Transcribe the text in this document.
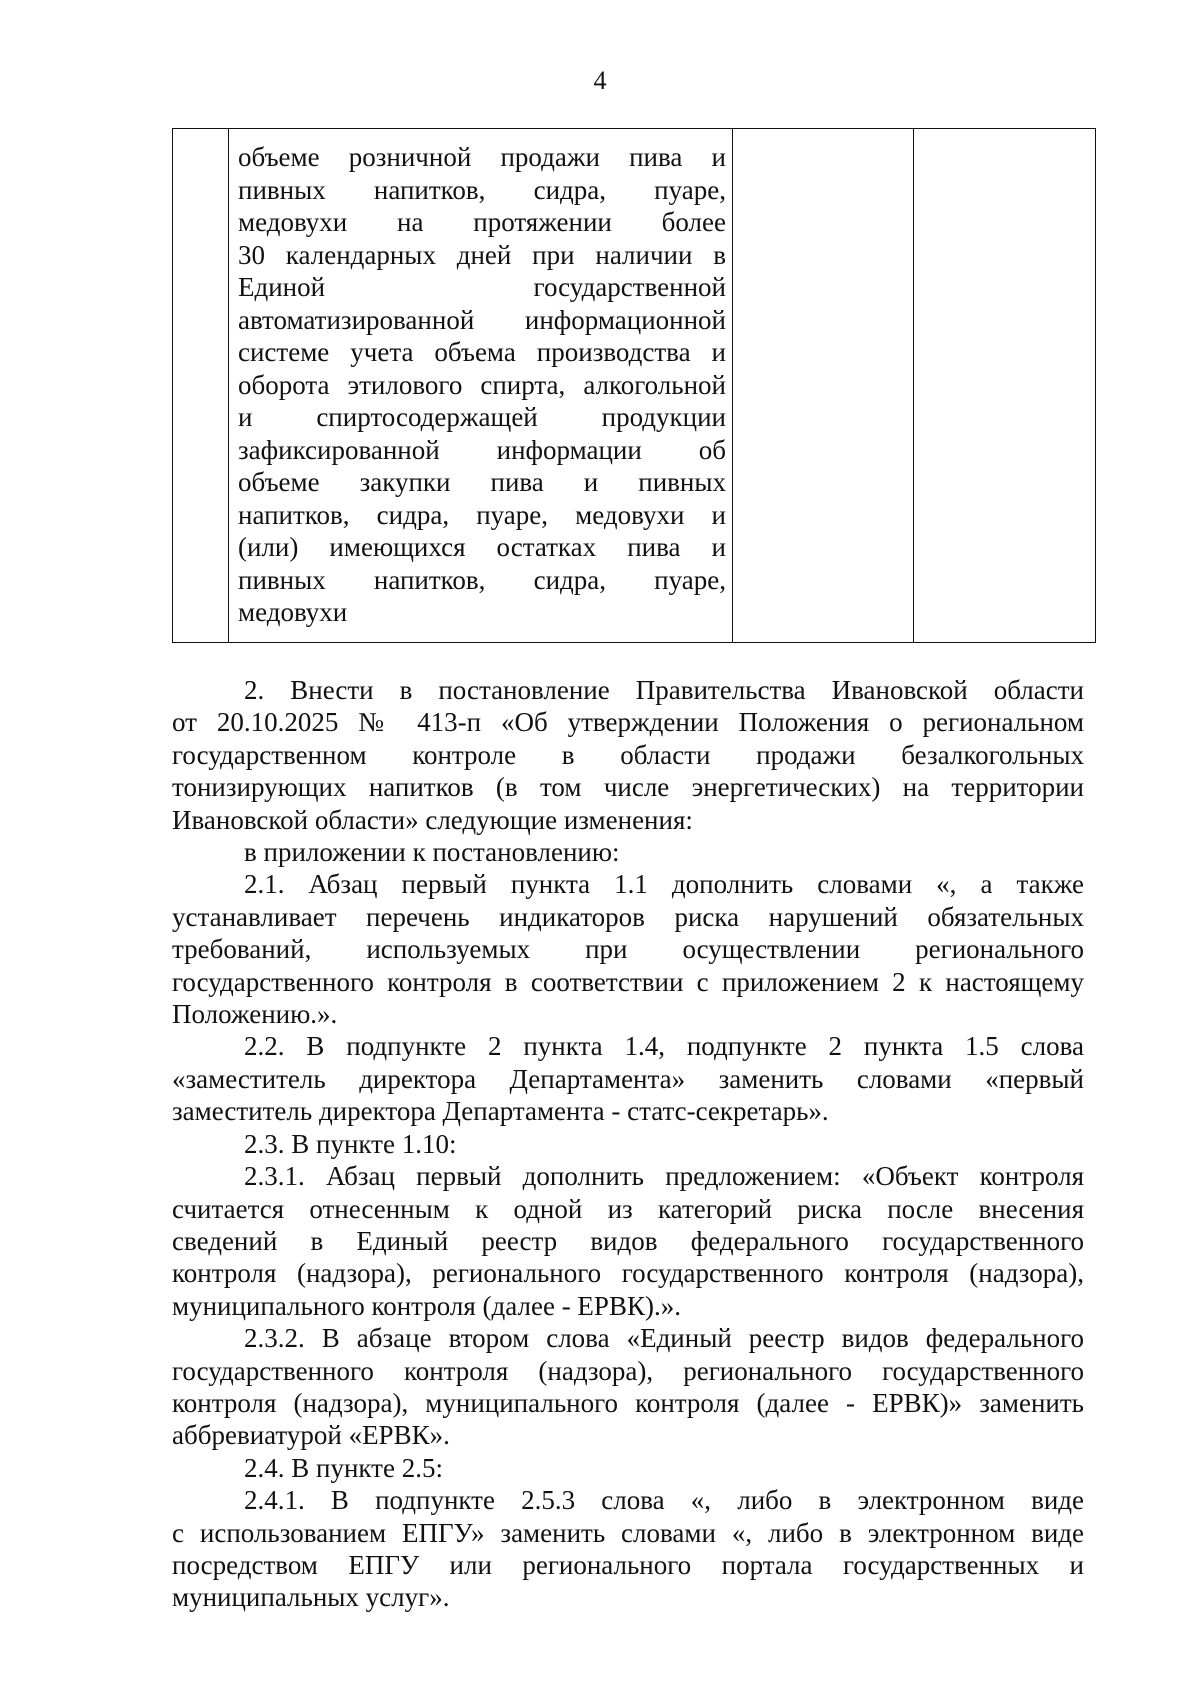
4

объеме розничной продажи пива и
пивных напитков, сидра, пуаре,
медовухи на протяжении более
30 календарных дней при наличии в
Единой государственной
автоматизированной информационной
системе учета объема производства и
оборота этилового спирта, алкогольной
и спиртосодержащей продукции
зафиксированной информации об
объеме закупки пива и пивных
напитков, сидра, пуаре, медовухи и
(или) имеющихся остатках пива и
пивных напитков, сидра, пуаре,
медовухи

2. Внести в постановление Правительства Ивановской области
от 20.10.2025 № 413-п «Об утверждении Положения о региональном
государственном контроле в области продажи безалкогольных
тонизирующих напитков (в том числе энергетических) на территории
Ивановской области» следующие изменения:

в приложении к постановлению:

2.1. Абзац первый пункта 1.1 дополнить словами «, а также
устанавливает перечень индикаторов риска нарушений обязательных
требований, используемых при осуществлении регионального
государственного контроля в соответствии с приложением 2 к настоящему
Положению.».

2.2. В подпункте 2 пункта 1.4, подпункте 2 пункта 1.5 слова
«заместитель директора Департамента» заменить словами «первый
заместитель директора Департамента - статс-секретарь».

2.3. В пункте 1.10:

2.3.1. Абзац первый дополнить предложением: «Объект контроля
считается отнесенным к одной из категорий риска после внесения
сведений в Единый реестр видов федерального государственного
контроля (надзора), регионального государственного контроля (надзора),
муниципального контроля (далее - ЕРВК).».

2.3.2. В абзаце втором слова «Единый реестр видов федерального
государственного контроля (надзора), регионального государственного
контроля (надзора), муниципального контроля (далее - ЕРВК)» заменить
аббревиатурой «ЕРВК».

2.4. В пункте 2.5:

2.4.1. В подпункте 2.5.3 слова «, либо в электронном виде
с использованием ЕПГУ» заменить словами «, либо в электронном виде
посредством ЕПГУ или регионального портала государственных и
муниципальных услуг».
